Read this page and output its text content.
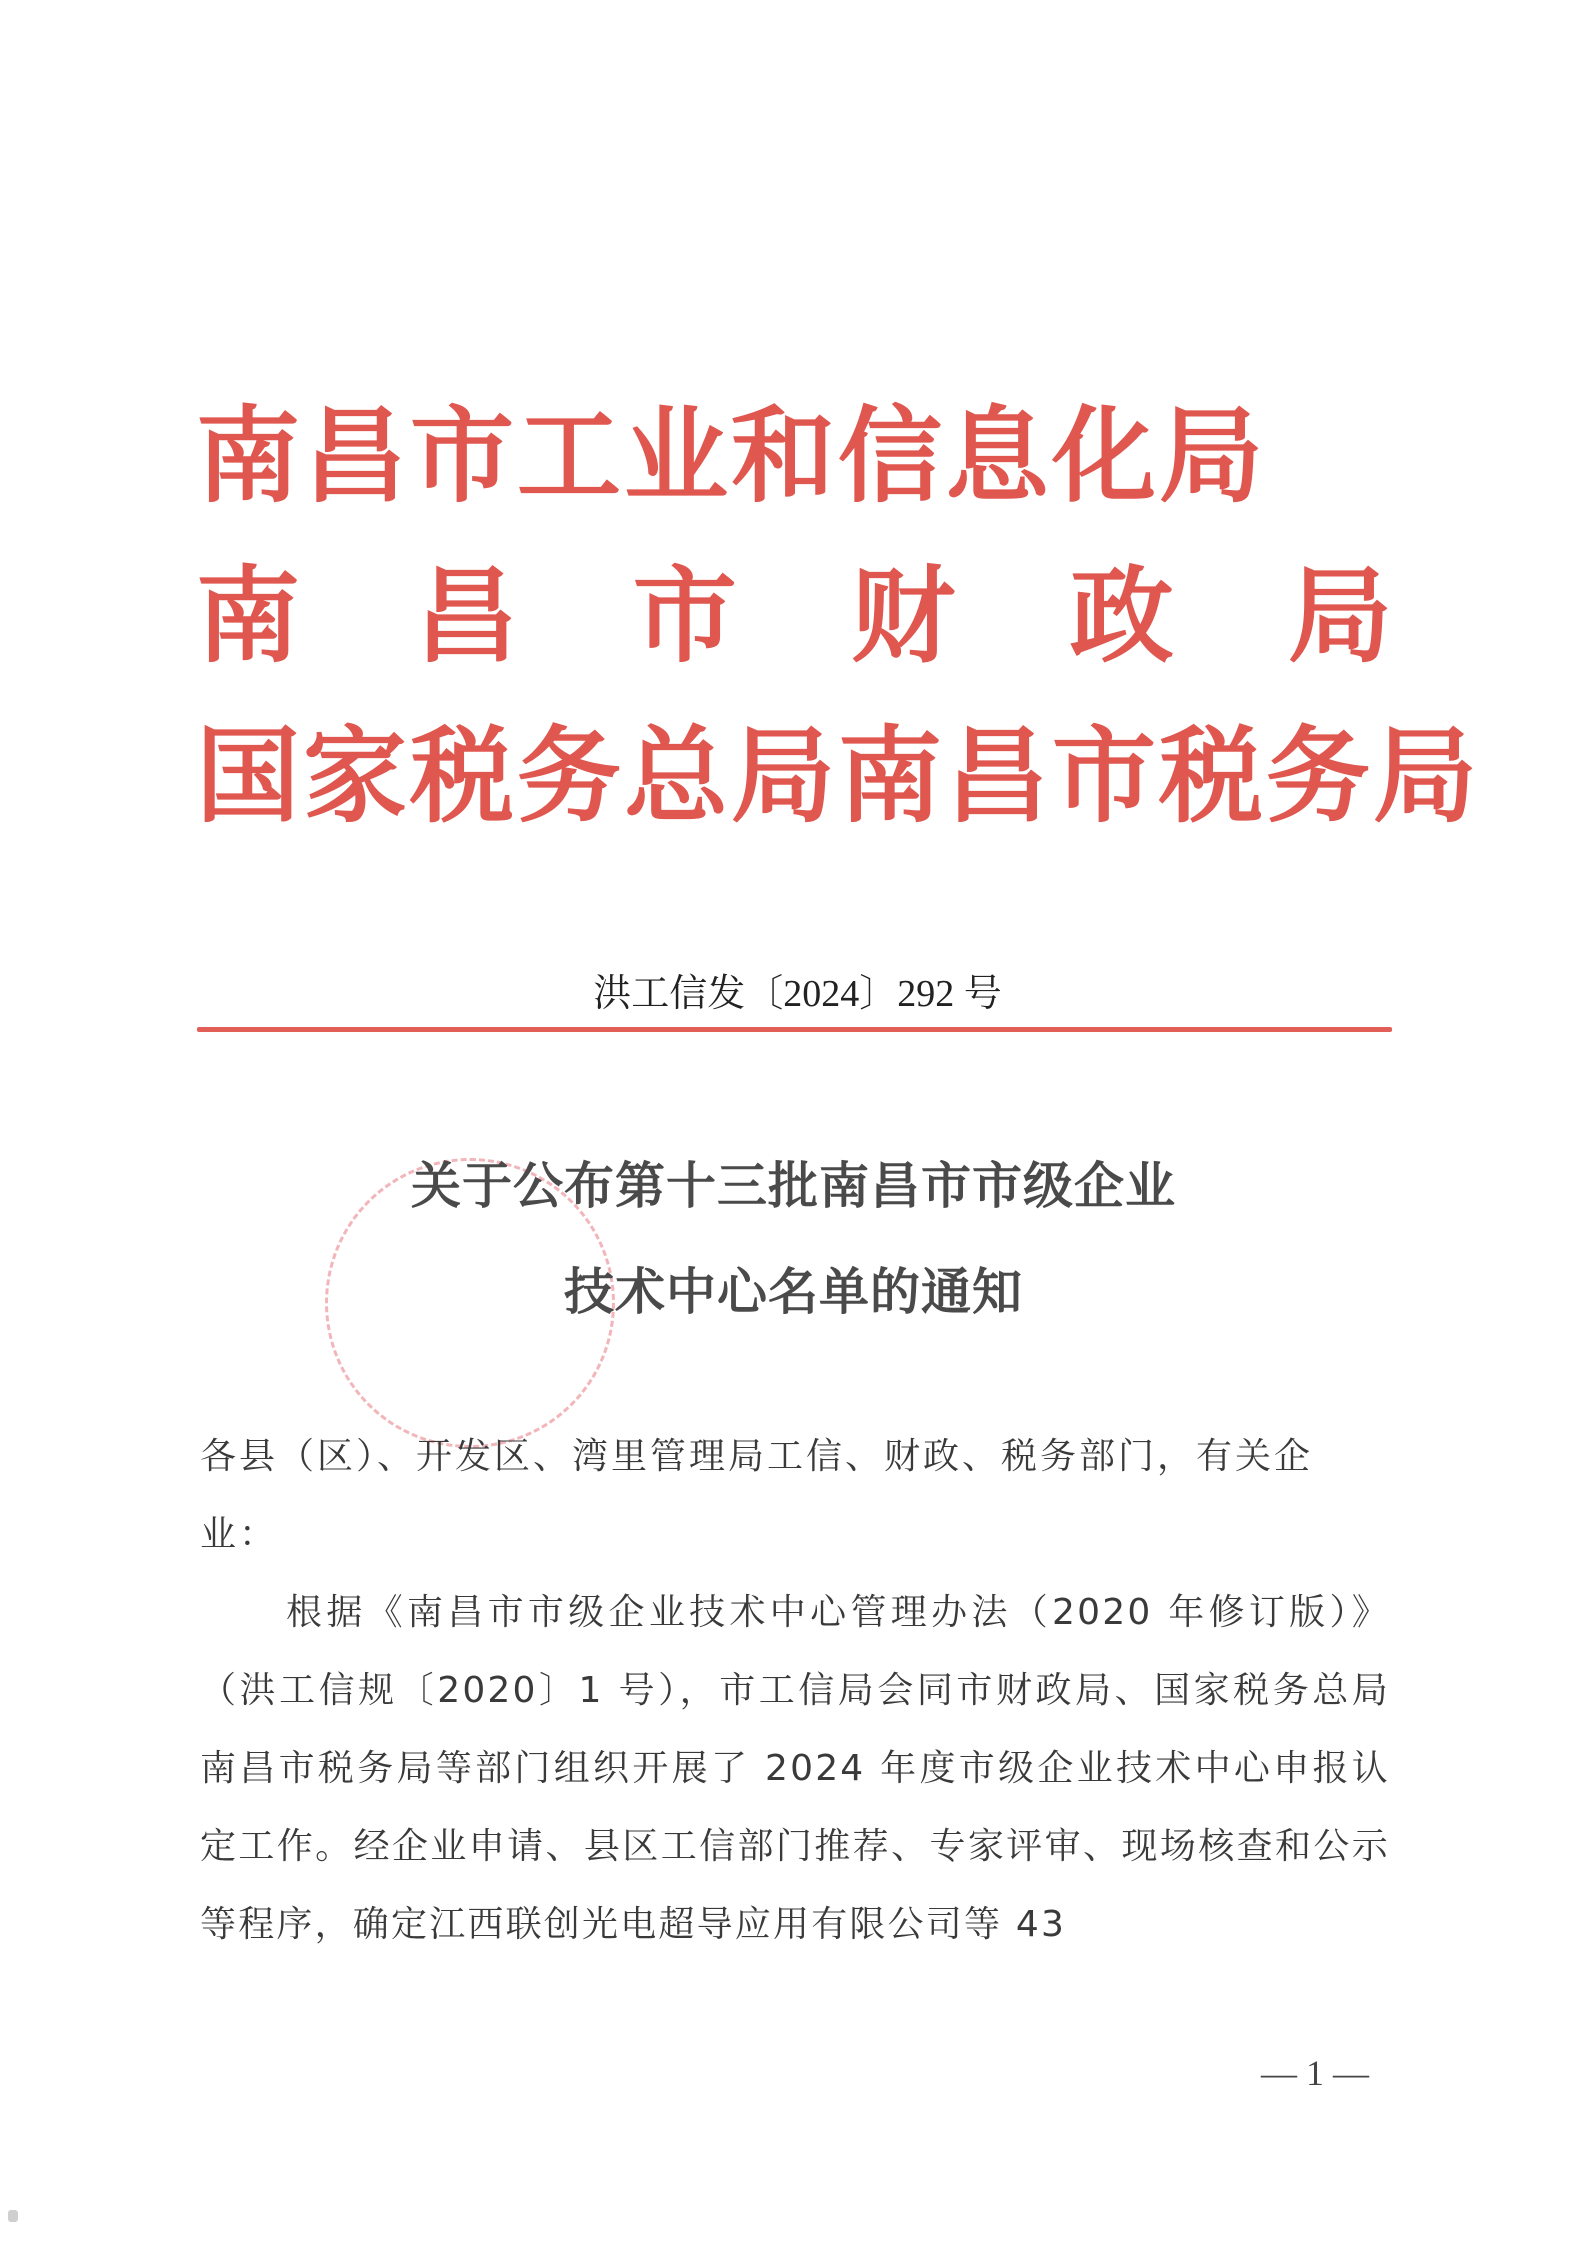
南昌市工业和信息化局
南 昌 市 财 政 局
国家税务总局南昌市税务局
洪工信发〔2024〕292 号
关于公布第十三批南昌市市级企业
技术中心名单的通知
各县（区）、开发区、湾里管理局工信、财政、税务部门，有关企业：
根据《南昌市市级企业技术中心管理办法（2020 年修订版）》（洪工信规〔2020〕1 号），市工信局会同市财政局、国家税务总局南昌市税务局等部门组织开展了 2024 年度市级企业技术中心申报认定工作。经企业申请、县区工信部门推荐、专家评审、现场核查和公示等程序，确定江西联创光电超导应用有限公司等 43
— 1 —
